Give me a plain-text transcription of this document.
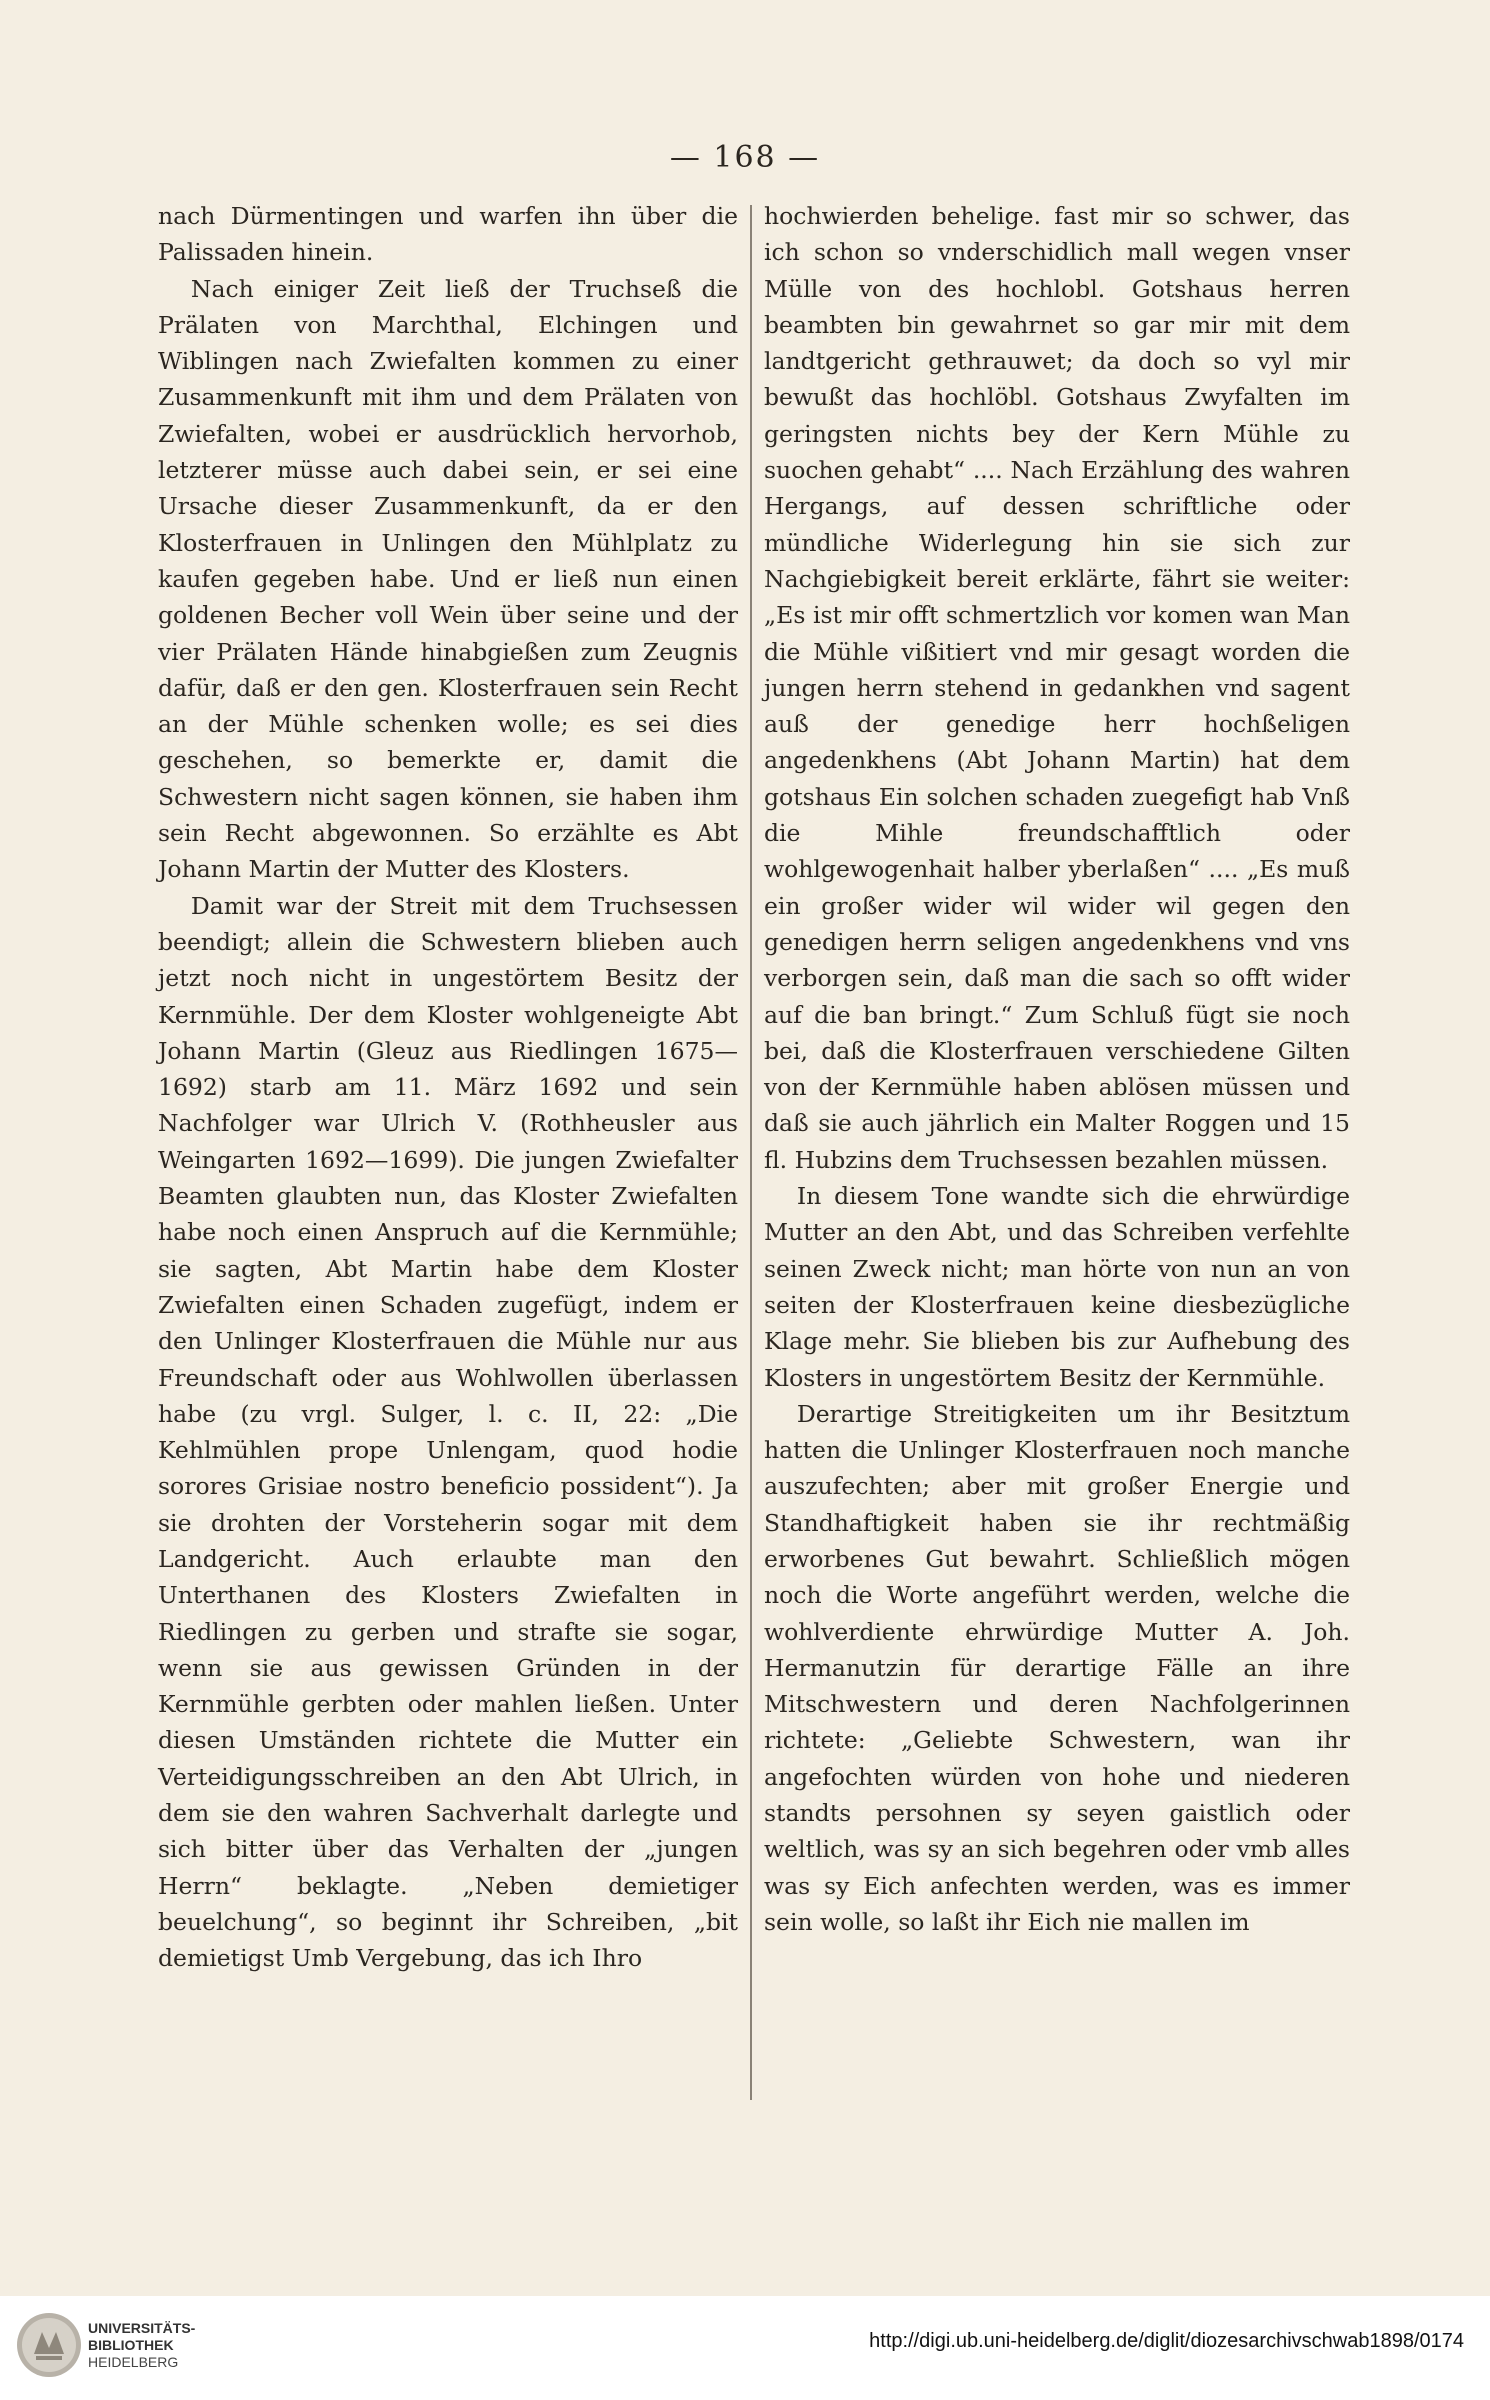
— 168 —

nach Dürmentingen und warfen ihn über die Palissaden hinein.

Nach einiger Zeit ließ der Truchseß die Prälaten von Marchthal, Elchingen und Wiblingen nach Zwiefalten kommen zu einer Zusammenkunft mit ihm und dem Prälaten von Zwiefalten, wobei er ausdrücklich hervorhob, letzterer müsse auch dabei sein, er sei eine Ursache dieser Zusammenkunft, da er den Klosterfrauen in Unlingen den Mühlplatz zu kaufen gegeben habe. Und er ließ nun einen goldenen Becher voll Wein über seine und der vier Prälaten Hände hinabgießen zum Zeugnis dafür, daß er den gen. Klosterfrauen sein Recht an der Mühle schenken wolle; es sei dies geschehen, so bemerkte er, damit die Schwestern nicht sagen können, sie haben ihm sein Recht abgewonnen. So erzählte es Abt Johann Martin der Mutter des Klosters.

Damit war der Streit mit dem Truchsessen beendigt; allein die Schwestern blieben auch jetzt noch nicht in ungestörtem Besitz der Kernmühle. Der dem Kloster wohlgeneigte Abt Johann Martin (Gleuz aus Riedlingen 1675—1692) starb am 11. März 1692 und sein Nachfolger war Ulrich V. (Rothheusler aus Weingarten 1692—1699). Die jungen Zwiefalter Beamten glaubten nun, das Kloster Zwiefalten habe noch einen Anspruch auf die Kernmühle; sie sagten, Abt Martin habe dem Kloster Zwiefalten einen Schaden zugefügt, indem er den Unlinger Klosterfrauen die Mühle nur aus Freundschaft oder aus Wohlwollen überlassen habe (zu vrgl. Sulger, l. c. II, 22: „Die Kehlmühlen prope Unlengam, quod hodie sorores Grisiae nostro beneficio possident“). Ja sie drohten der Vorsteherin sogar mit dem Landgericht. Auch erlaubte man den Unterthanen des Klosters Zwiefalten in Riedlingen zu gerben und strafte sie sogar, wenn sie aus gewissen Gründen in der Kernmühle gerbten oder mahlen ließen. Unter diesen Umständen richtete die Mutter ein Verteidigungsschreiben an den Abt Ulrich, in dem sie den wahren Sachverhalt darlegte und sich bitter über das Verhalten der „jungen Herrn“ beklagte. „Neben demietiger beuelchung“, so beginnt ihr Schreiben, „bit demietigst Umb Vergebung, das ich Ihro

hochwierden behelige. fast mir so schwer, das ich schon so vnderschidlich mall wegen vnser Mülle von des hochlobl. Gotshaus herren beambten bin gewahrnet so gar mir mit dem landtgericht gethrauwet; da doch so vyl mir bewußt das hochlöbl. Gotshaus Zwyfalten im geringsten nichts bey der Kern Mühle zu suochen gehabt“ .... Nach Erzählung des wahren Hergangs, auf dessen schriftliche oder mündliche Widerlegung hin sie sich zur Nachgiebigkeit bereit erklärte, fährt sie weiter: „Es ist mir offt schmertzlich vor komen wan Man die Mühle vißitiert vnd mir gesagt worden die jungen herrn stehend in gedankhen vnd sagent auß der genedige herr hochßeligen angedenkhens (Abt Johann Martin) hat dem gotshaus Ein solchen schaden zuegefigt hab Vnß die Mihle freundschafftlich oder wohlgewogenhait halber yberlaßen“ .... „Es muß ein großer wider wil wider wil gegen den genedigen herrn seligen angedenkhens vnd vns verborgen sein, daß man die sach so offt wider auf die ban bringt.“ Zum Schluß fügt sie noch bei, daß die Klosterfrauen verschiedene Gilten von der Kernmühle haben ablösen müssen und daß sie auch jährlich ein Malter Roggen und 15 fl. Hubzins dem Truchsessen bezahlen müssen.

In diesem Tone wandte sich die ehrwürdige Mutter an den Abt, und das Schreiben verfehlte seinen Zweck nicht; man hörte von nun an von seiten der Klosterfrauen keine diesbezügliche Klage mehr. Sie blieben bis zur Aufhebung des Klosters in ungestörtem Besitz der Kernmühle.

Derartige Streitigkeiten um ihr Besitztum hatten die Unlinger Klosterfrauen noch manche auszufechten; aber mit großer Energie und Standhaftigkeit haben sie ihr rechtmäßig erworbenes Gut bewahrt. Schließlich mögen noch die Worte angeführt werden, welche die wohlverdiente ehrwürdige Mutter A. Joh. Hermanutzin für derartige Fälle an ihre Mitschwestern und deren Nachfolgerinnen richtete: „Geliebte Schwestern, wan ihr angefochten würden von hohe und niederen standts persohnen sy seyen gaistlich oder weltlich, was sy an sich begehren oder vmb alles was sy Eich anfechten werden, was es immer sein wolle, so laßt ihr Eich nie mallen im

UNIVERSITÄTS-
BIBLIOTHEK
HEIDELBERG
http://digi.ub.uni-heidelberg.de/diglit/diozesarchivschwab1898/0174
